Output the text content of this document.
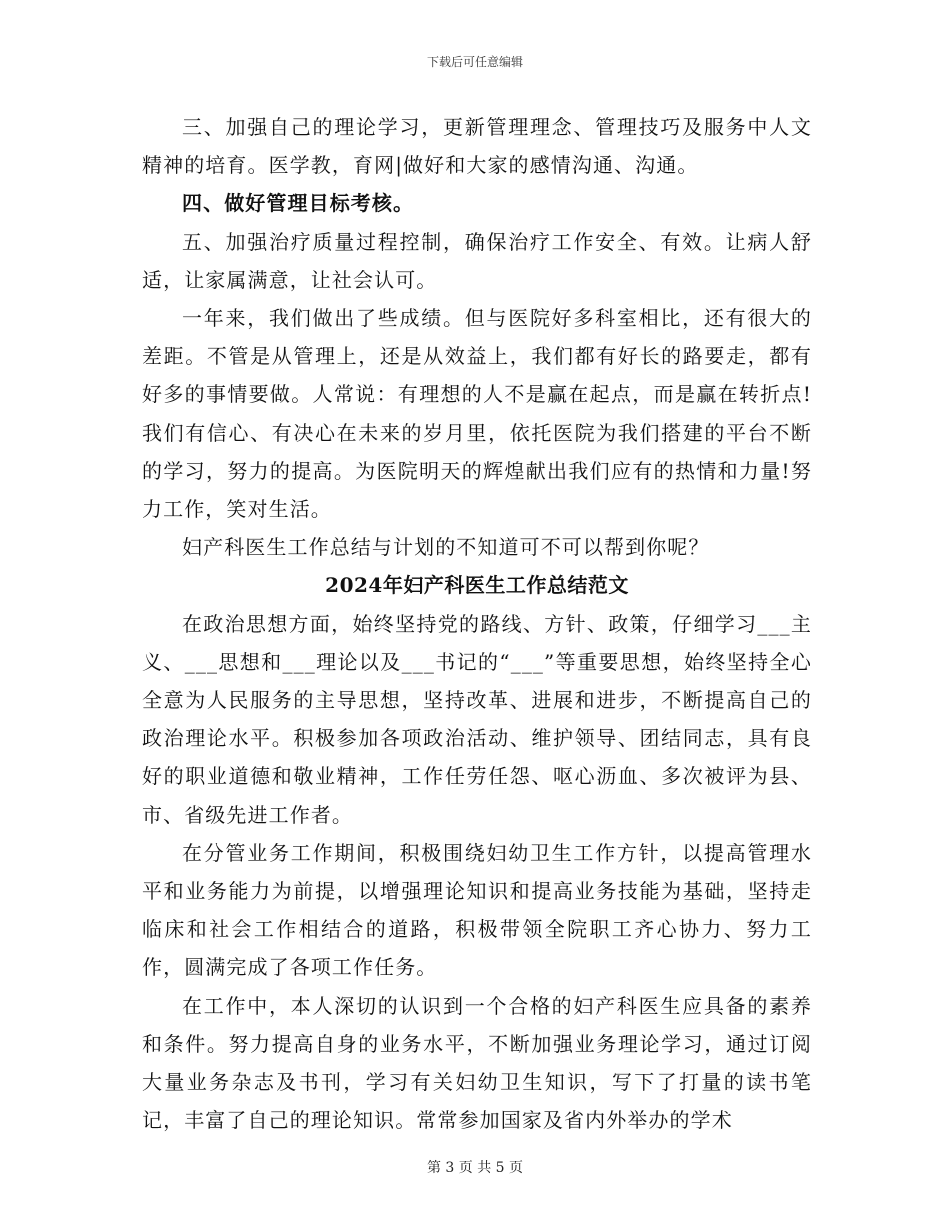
下载后可任意编辑

三、加强自己的理论学习，更新管理理念、管理技巧及服务中人文精神的培育。医学教，育网|做好和大家的感情沟通、沟通。

四、做好管理目标考核。

五、加强治疗质量过程控制，确保治疗工作安全、有效。让病人舒适，让家属满意，让社会认可。

一年来，我们做出了些成绩。但与医院好多科室相比，还有很大的差距。不管是从管理上，还是从效益上，我们都有好长的路要走，都有好多的事情要做。人常说：有理想的人不是赢在起点，而是赢在转折点!我们有信心、有决心在未来的岁月里，依托医院为我们搭建的平台不断的学习，努力的提高。为医院明天的辉煌献出我们应有的热情和力量!努力工作，笑对生活。

妇产科医生工作总结与计划的不知道可不可以帮到你呢？

2024年妇产科医生工作总结范文

在政治思想方面，始终坚持党的路线、方针、政策，仔细学习___主义、___思想和___理论以及___书记的“___”等重要思想，始终坚持全心全意为人民服务的主导思想，坚持改革、进展和进步，不断提高自己的政治理论水平。积极参加各项政治活动、维护领导、团结同志，具有良好的职业道德和敬业精神，工作任劳任怨、呕心沥血、多次被评为县、市、省级先进工作者。

在分管业务工作期间，积极围绕妇幼卫生工作方针，以提高管理水平和业务能力为前提，以增强理论知识和提高业务技能为基础，坚持走临床和社会工作相结合的道路，积极带领全院职工齐心协力、努力工作，圆满完成了各项工作任务。

在工作中，本人深切的认识到一个合格的妇产科医生应具备的素养和条件。努力提高自身的业务水平，不断加强业务理论学习，通过订阅大量业务杂志及书刊，学习有关妇幼卫生知识，写下了打量的读书笔记，丰富了自己的理论知识。常常参加国家及省内外举办的学术

第 3 页 共 5 页
